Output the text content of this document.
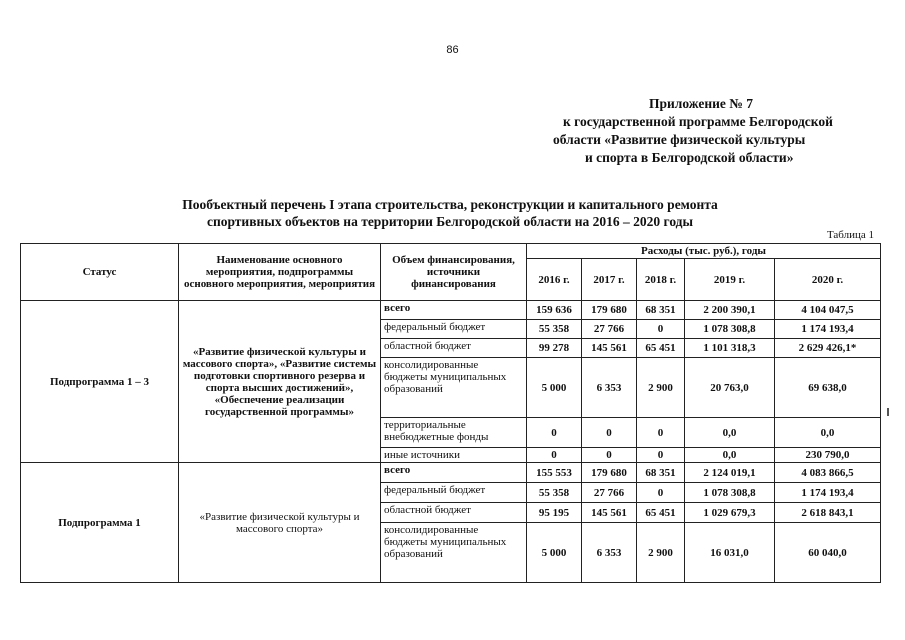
86
Приложение № 7
к государственной программе Белгородской
области «Развитие физической культуры
и спорта в Белгородской области»
Пообъектный перечень I этапа строительства, реконструкции и капитального ремонта
спортивных объектов на территории Белгородской области на 2016 – 2020 годы
Таблица 1
Статус	Наименование основного мероприятия, подпрограммы основного мероприятия, мероприятия	Объем финансирования, источники финансирования	Расходы (тыс. руб.), годы				
			2016 г.	2017 г.	2018 г.	2019 г.	2020 г.
Подпрограмма 1 – 3	«Развитие физической культуры и массового спорта», «Развитие системы подготовки спортивного резерва и спорта высших достижений», «Обеспечение реализации государственной программы»	всего	159 636	179 680	68 351	2 200 390,1	4 104 047,5
		федеральный бюджет	55 358	27 766	0	1 078 308,8	1 174 193,4
		областной бюджет	99 278	145 561	65 451	1 101 318,3	2 629 426,1*
		консолидированные бюджеты муниципальных образований	5 000	6 353	2 900	20 763,0	69 638,0
		территориальные внебюджетные фонды	0	0	0	0,0	0,0
		иные источники	0	0	0	0,0	230 790,0
Подпрограмма 1	«Развитие физической культуры и массового спорта»	всего	155 553	179 680	68 351	2 124 019,1	4 083 866,5
		федеральный бюджет	55 358	27 766	0	1 078 308,8	1 174 193,4
		областной бюджет	95 195	145 561	65 451	1 029 679,3	2 618 843,1
		консолидированные бюджеты муниципальных образований	5 000	6 353	2 900	16 031,0	60 040,0
